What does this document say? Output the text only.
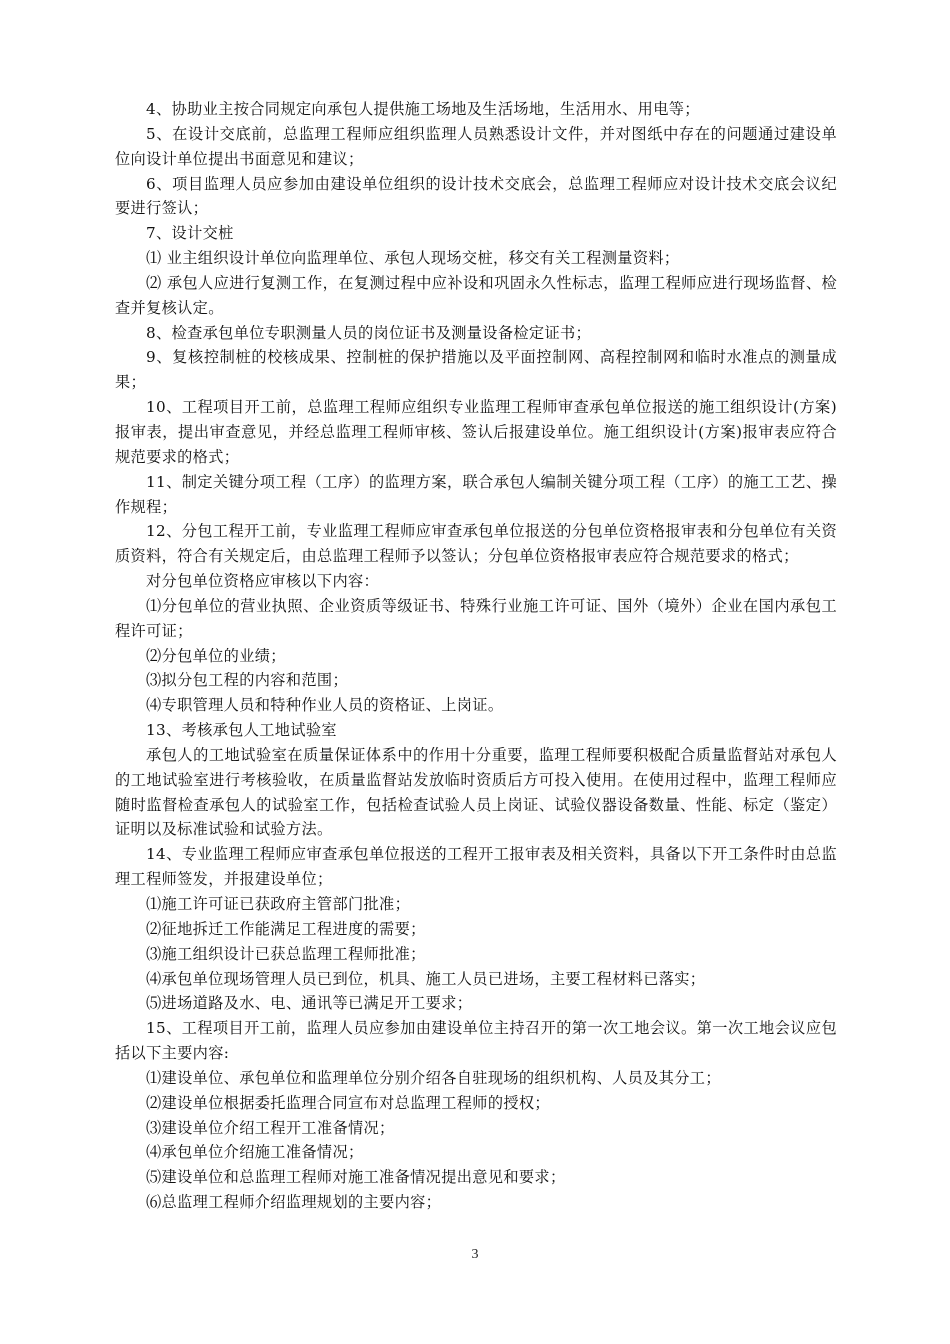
4、协助业主按合同规定向承包人提供施工场地及生活场地，生活用水、用电等；

5、在设计交底前，总监理工程师应组织监理人员熟悉设计文件，并对图纸中存在的问题通过建设单位向设计单位提出书面意见和建议；

6、项目监理人员应参加由建设单位组织的设计技术交底会，总监理工程师应对设计技术交底会议纪要进行签认；

7、设计交桩

⑴ 业主组织设计单位向监理单位、承包人现场交桩，移交有关工程测量资料；

⑵ 承包人应进行复测工作，在复测过程中应补设和巩固永久性标志，监理工程师应进行现场监督、检查并复核认定。

8、检查承包单位专职测量人员的岗位证书及测量设备检定证书；

9、复核控制桩的校核成果、控制桩的保护措施以及平面控制网、高程控制网和临时水准点的测量成果；

10、工程项目开工前，总监理工程师应组织专业监理工程师审查承包单位报送的施工组织设计(方案)报审表，提出审查意见，并经总监理工程师审核、签认后报建设单位。施工组织设计(方案)报审表应符合规范要求的格式；

11、制定关键分项工程（工序）的监理方案，联合承包人编制关键分项工程（工序）的施工工艺、操作规程；

12、分包工程开工前，专业监理工程师应审查承包单位报送的分包单位资格报审表和分包单位有关资质资料，符合有关规定后，由总监理工程师予以签认；分包单位资格报审表应符合规范要求的格式；

对分包单位资格应审核以下内容：

⑴分包单位的营业执照、企业资质等级证书、特殊行业施工许可证、国外（境外）企业在国内承包工程许可证；

⑵分包单位的业绩；

⑶拟分包工程的内容和范围；

⑷专职管理人员和特种作业人员的资格证、上岗证。

13、考核承包人工地试验室

承包人的工地试验室在质量保证体系中的作用十分重要，监理工程师要积极配合质量监督站对承包人的工地试验室进行考核验收，在质量监督站发放临时资质后方可投入使用。在使用过程中，监理工程师应随时监督检查承包人的试验室工作，包括检查试验人员上岗证、试验仪器设备数量、性能、标定（鉴定）证明以及标准试验和试验方法。

14、专业监理工程师应审查承包单位报送的工程开工报审表及相关资料，具备以下开工条件时由总监理工程师签发，并报建设单位；

⑴施工许可证已获政府主管部门批准；

⑵征地拆迁工作能满足工程进度的需要；

⑶施工组织设计已获总监理工程师批准；

⑷承包单位现场管理人员已到位，机具、施工人员已进场，主要工程材料已落实；

⑸进场道路及水、电、通讯等已满足开工要求；

15、工程项目开工前，监理人员应参加由建设单位主持召开的第一次工地会议。第一次工地会议应包括以下主要内容:

⑴建设单位、承包单位和监理单位分别介绍各自驻现场的组织机构、人员及其分工；

⑵建设单位根据委托监理合同宣布对总监理工程师的授权；

⑶建设单位介绍工程开工准备情况；

⑷承包单位介绍施工准备情况；

⑸建设单位和总监理工程师对施工准备情况提出意见和要求；

⑹总监理工程师介绍监理规划的主要内容；

3
